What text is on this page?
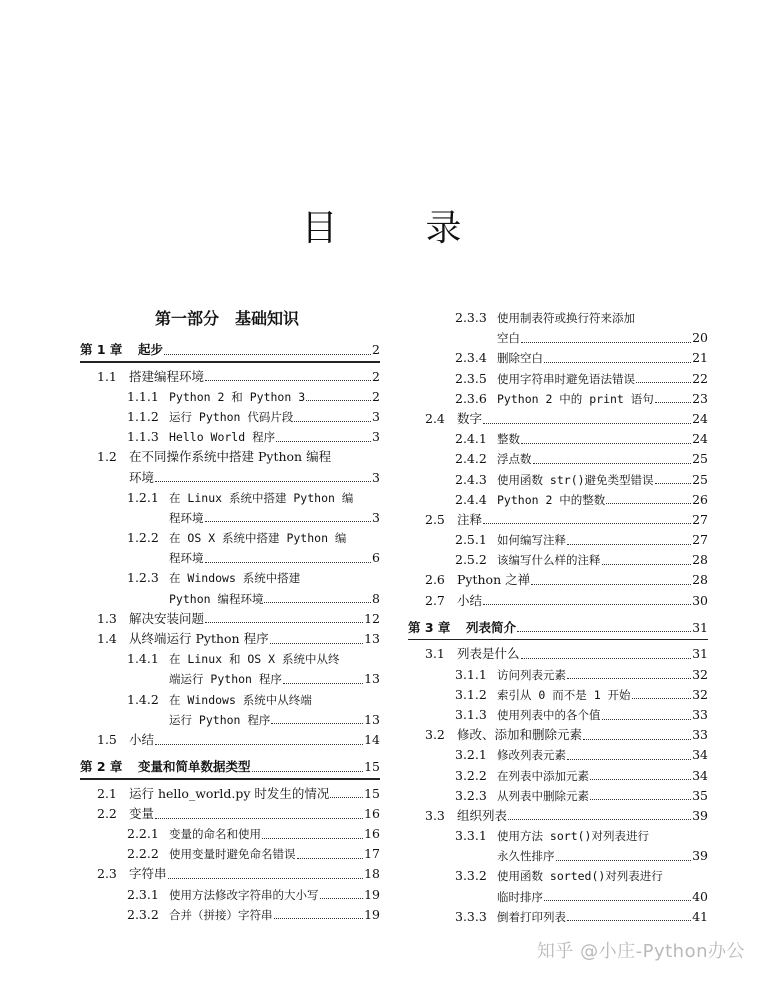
目 录
第一部分　基础知识
第 1 章	起步	2
1.1 搭建编程环境	2
1.1.1 Python 2 和 Python 3	2
1.1.2 运行 Python 代码片段	3
1.1.3 Hello World 程序	3
1.2 在不同操作系统中搭建 Python 编程
环境	3
1.2.1 在 Linux 系统中搭建 Python 编
程环境	3
1.2.2 在 OS X 系统中搭建 Python 编
程环境	6
1.2.3 在 Windows 系统中搭建
Python 编程环境	8
1.3 解决安装问题	12
1.4 从终端运行 Python 程序	13
1.4.1 在 Linux 和 OS X 系统中从终
端运行 Python 程序	13
1.4.2 在 Windows 系统中从终端
运行 Python 程序	13
1.5 小结	14
第 2 章	变量和简单数据类型	15
2.1 运行 hello_world.py 时发生的情况	15
2.2 变量	16
2.2.1 变量的命名和使用	16
2.2.2 使用变量时避免命名错误	17
2.3 字符串	18
2.3.1 使用方法修改字符串的大小写	19
2.3.2 合并（拼接）字符串	19
2.3.3 使用制表符或换行符来添加
空白	20
2.3.4 删除空白	21
2.3.5 使用字符串时避免语法错误	22
2.3.6 Python 2 中的 print 语句	23
2.4 数字	24
2.4.1 整数	24
2.4.2 浮点数	25
2.4.3 使用函数 str()避免类型错误	25
2.4.4 Python 2 中的整数	26
2.5 注释	27
2.5.1 如何编写注释	27
2.5.2 该编写什么样的注释	28
2.6 Python 之禅	28
2.7 小结	30
第 3 章	列表简介	31
3.1 列表是什么	31
3.1.1 访问列表元素	32
3.1.2 索引从 0 而不是 1 开始	32
3.1.3 使用列表中的各个值	33
3.2 修改、添加和删除元素	33
3.2.1 修改列表元素	34
3.2.2 在列表中添加元素	34
3.2.3 从列表中删除元素	35
3.3 组织列表	39
3.3.1 使用方法 sort()对列表进行
永久性排序	39
3.3.2 使用函数 sorted()对列表进行
临时排序	40
3.3.3 倒着打印列表	41
知乎 @小庄-Python办公
